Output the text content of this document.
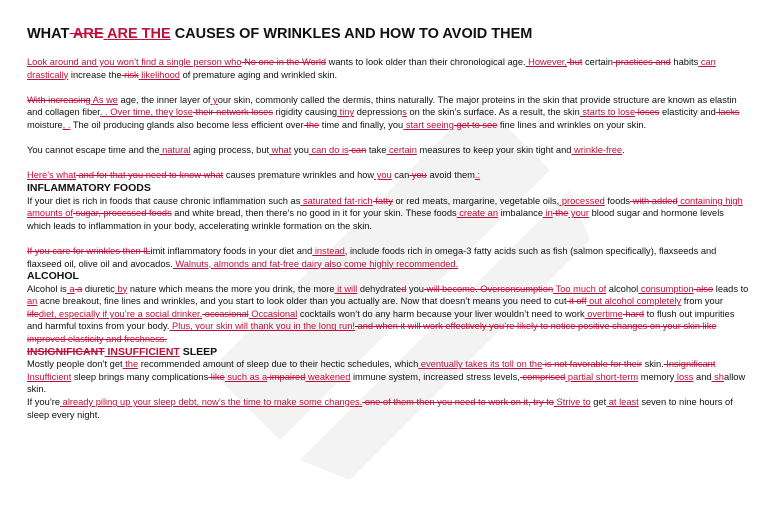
WHAT ARE ARE THE CAUSES OF WRINKLES AND HOW TO AVOID THEM

Look around and you won’t find a single person who No one in the World wants to look older than their chronological age. However, but certain practices and habits can drastically increase the risk likelihood of premature aging and wrinkled skin.

With increasing As we age, the inner layer of your skin, commonly called the dermis, thins naturally. The major proteins in the skin that provide structure are known as elastin and collagen fiber. . Over time, they lose their network loses rigidity causing tiny depressions on the skin’s surface. As a result, the skin starts to lose loses elasticity and lacks moisture, . The oil producing glands also become less efficient over the time and finally, you start seeing get to see fine lines and wrinkles on your skin.

You cannot escape time and the natural aging process, but what you can do is can take certain measures to keep your skin tight and wrinkle-free.

Here’s what and for that you need to know what causes premature wrinkles and how you can you avoid them.:

INFLAMMATORY FOODS

If your diet is rich in foods that cause chronic inflammation such as saturated fat-rich fatty or red meats, margarine, vegetable oils, processed foods with added containing high amounts of sugar, processed foods and white bread, then there’s no good in it for your skin. These foods create an imbalance in the your blood sugar and hormone levels which leads to inflammation in your body, accelerating wrinkle formation on the skin.

If you care for wrinkles then lLimit inflammatory foods in your diet and instead, include foods rich in omega-3 fatty acids such as fish (salmon specifically), flaxseeds and flaxseed oil, olive oil and avocados. Walnuts, almonds and fat-free dairy also come highly recommended.

ALCOHOL

Alcohol is a a diuretic by nature which means the more you drink, the more it will dehydrated you will become. Overconsumption Too much of alcohol consumption also leads to an acne breakout, fine lines and wrinkles, and you start to look older than you actually are. Now that doesn’t means you need to cut it off out alcohol completely from your lifediet, especially if you’re a social drinker. occasional Occasional cocktails won’t do any harm because your liver wouldn’t need to work overtime hard to flush out impurities and harmful toxins from your body. Plus, your skin will thank you in the long run! and when it will work effectively you’re likely to notice positive changes on your skin like improved elasticity and freshness.

INSIGNIFICANT INSUFFICIENT SLEEP

Mostly people don’t get the recommended amount of sleep due to their hectic schedules, which eventually takes its toll on the is not favorable for their skin. Insignificant Insufficient sleep brings many complications like such as a impaired weakened immune system, increased stress levels, comprised partial short-term memory loss and shallow skin.

If you’re already piling up your sleep debt, now’s the time to make some changes. one of them then you need to work on it, try to Strive to get at least seven to nine hours of sleep every night.
